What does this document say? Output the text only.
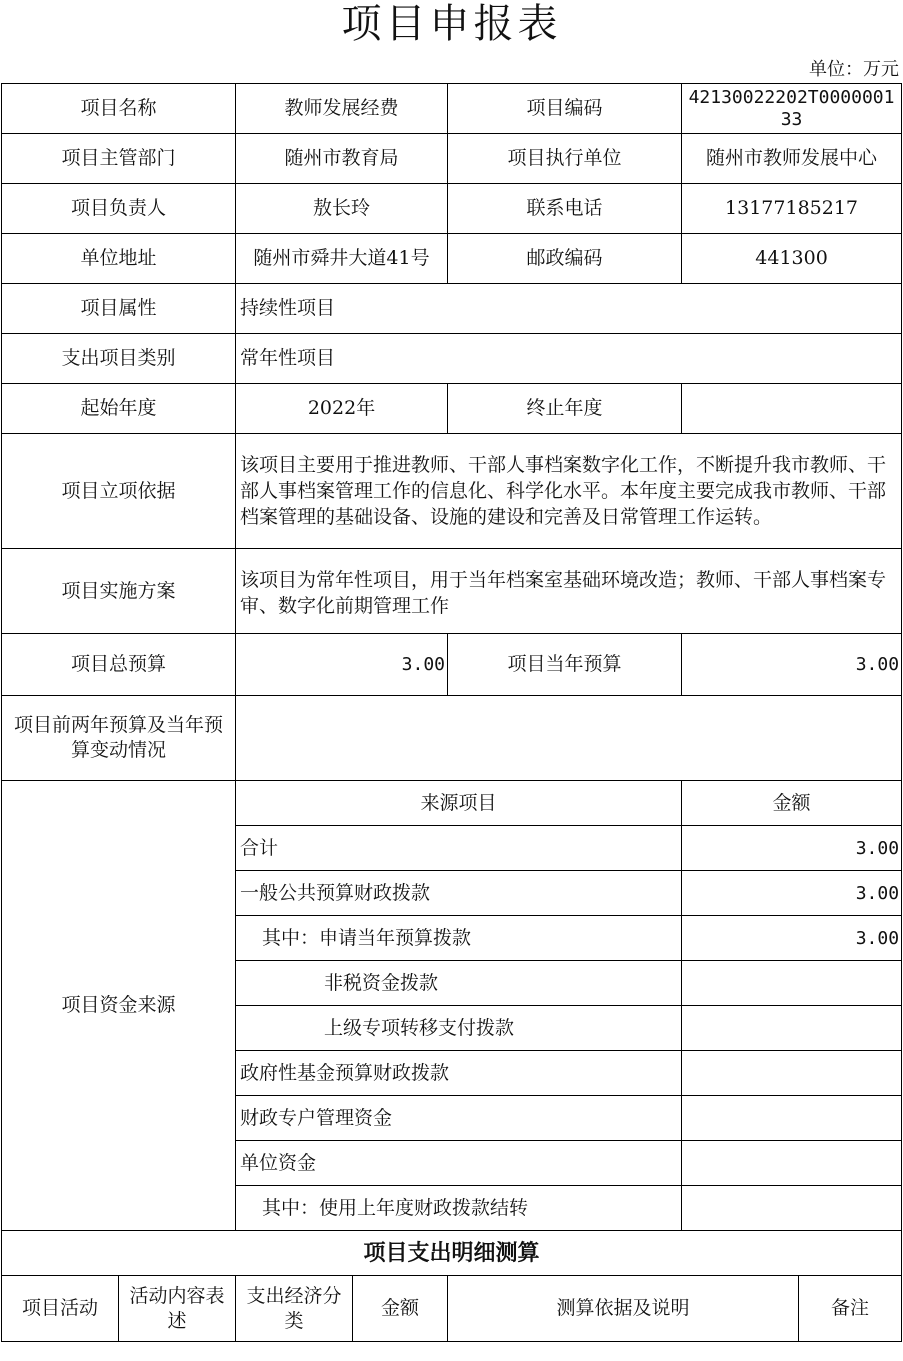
项目申报表
单位：万元
项目名称		教师发展经费		项目编码	42130022202T000000133	
项目主管部门		随州市教育局		项目执行单位	随州市教师发展中心	
项目负责人		敖长玲		联系电话	13177185217	
单位地址		随州市舜井大道41号		邮政编码	441300	
项目属性		持续性项目				
支出项目类别		常年性项目				
起始年度		2022年		终止年度		
项目立项依据		该项目主要用于推进教师、干部人事档案数字化工作，不断提升我市教师、干部人事档案管理工作的信息化、科学化水平。本年度主要完成我市教师、干部档案管理的基础设备、设施的建设和完善及日常管理工作运转。				
项目实施方案		该项目为常年性项目，用于当年档案室基础环境改造；教师、干部人事档案专审、数字化前期管理工作				
项目总预算		3.00		项目当年预算	3.00	
项目前两年预算及当年预算变动情况						
项目资金来源		来源项目			金额	
		合计			3.00	
		一般公共预算财政拨款			3.00	
		其中：申请当年预算拨款			3.00	
		非税资金拨款				
		上级专项转移支付拨款				
		政府性基金预算财政拨款				
		财政专户管理资金				
		单位资金				
		其中：使用上年度财政拨款结转				
项目支出明细测算						
项目活动	活动内容表述	支出经济分类	金额	测算依据及说明		备注
